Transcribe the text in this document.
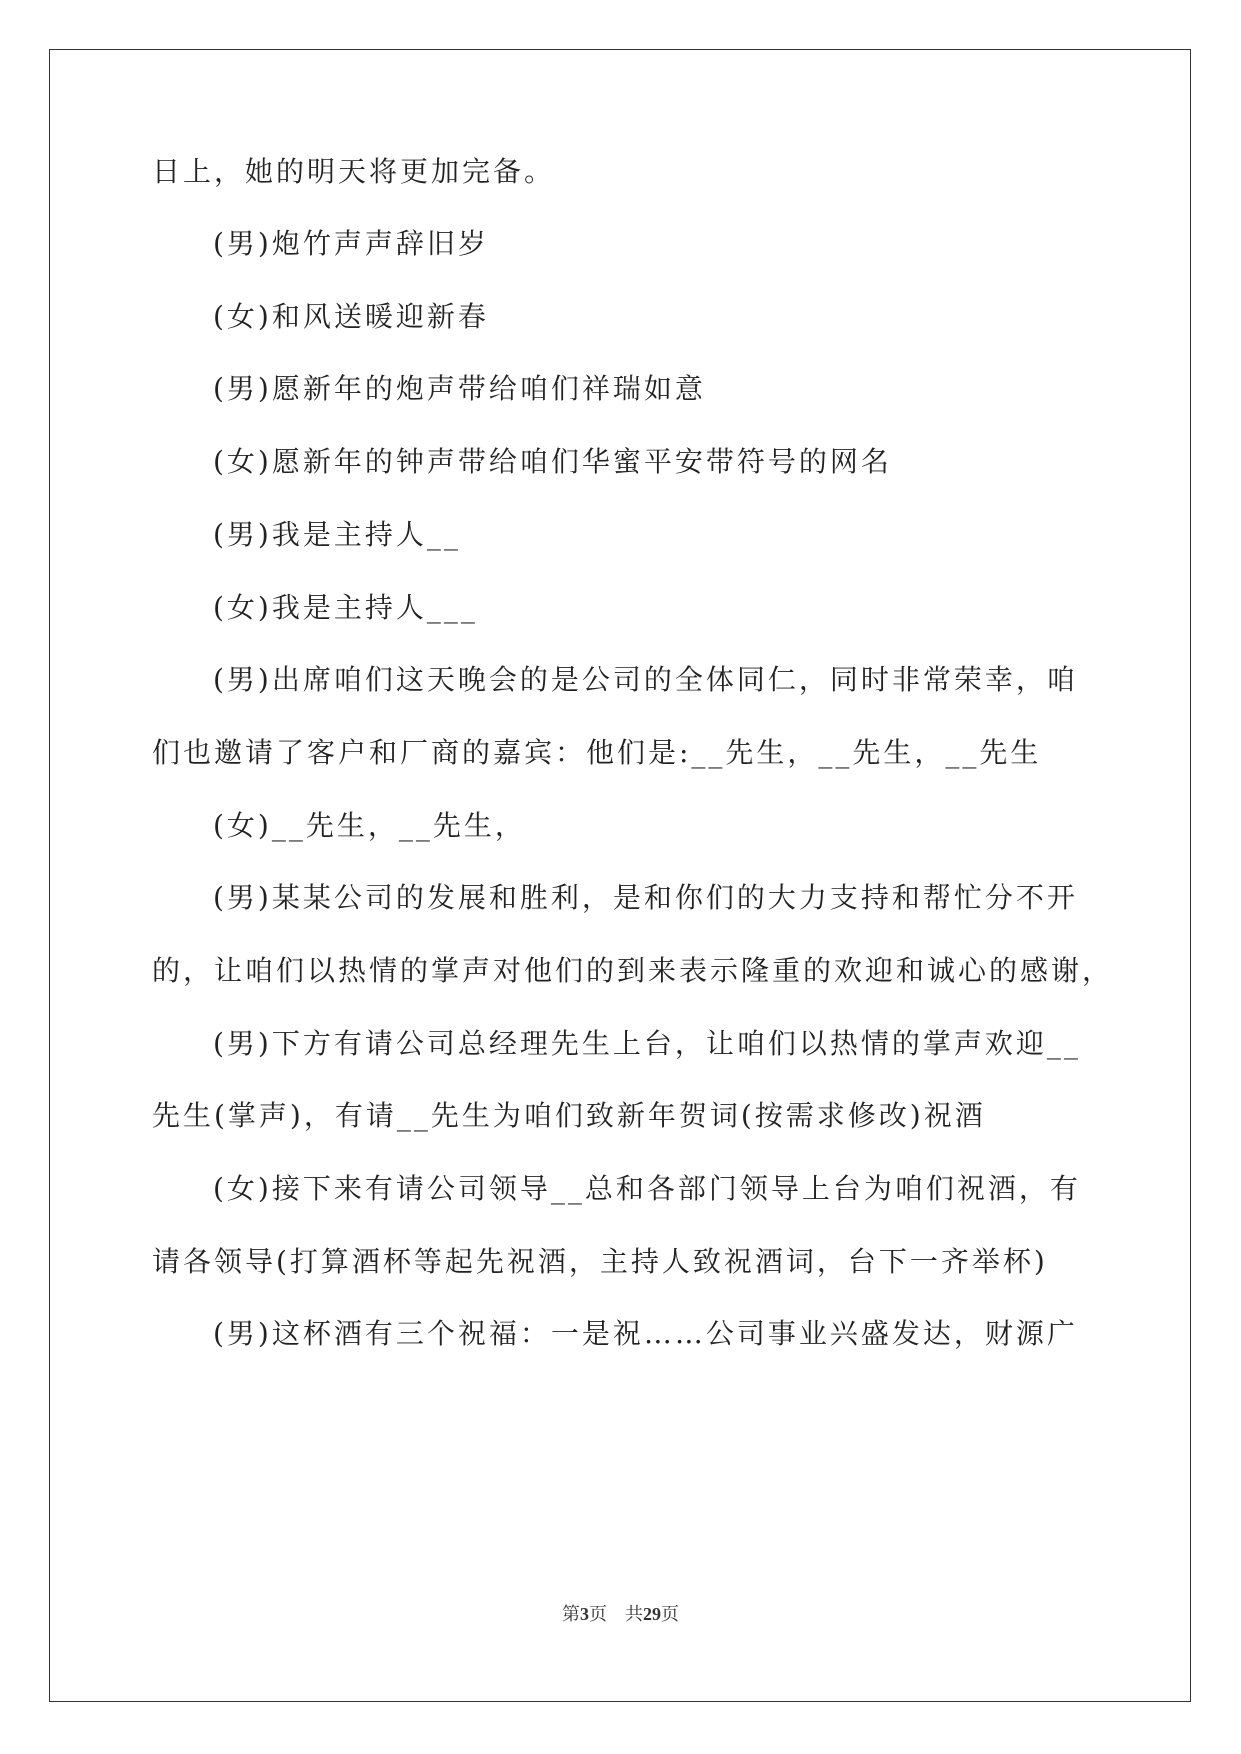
日上，她的明天将更加完备。
(男)炮竹声声辞旧岁
(女)和风送暖迎新春
(男)愿新年的炮声带给咱们祥瑞如意
(女)愿新年的钟声带给咱们华蜜平安带符号的网名
(男)我是主持人__
(女)我是主持人___
(男)出席咱们这天晚会的是公司的全体同仁，同时非常荣幸，咱
们也邀请了客户和厂商的嘉宾：他们是:__先生，__先生，__先生
(女)__先生，__先生，
(男)某某公司的发展和胜利，是和你们的大力支持和帮忙分不开
的，让咱们以热情的掌声对他们的到来表示隆重的欢迎和诚心的感谢，
(男)下方有请公司总经理先生上台，让咱们以热情的掌声欢迎__
先生(掌声)，有请__先生为咱们致新年贺词(按需求修改)祝酒
(女)接下来有请公司领导__总和各部门领导上台为咱们祝酒，有
请各领导(打算酒杯等起先祝酒，主持人致祝酒词，台下一齐举杯)
(男)这杯酒有三个祝福：一是祝……公司事业兴盛发达，财源广
第3页　共29页
